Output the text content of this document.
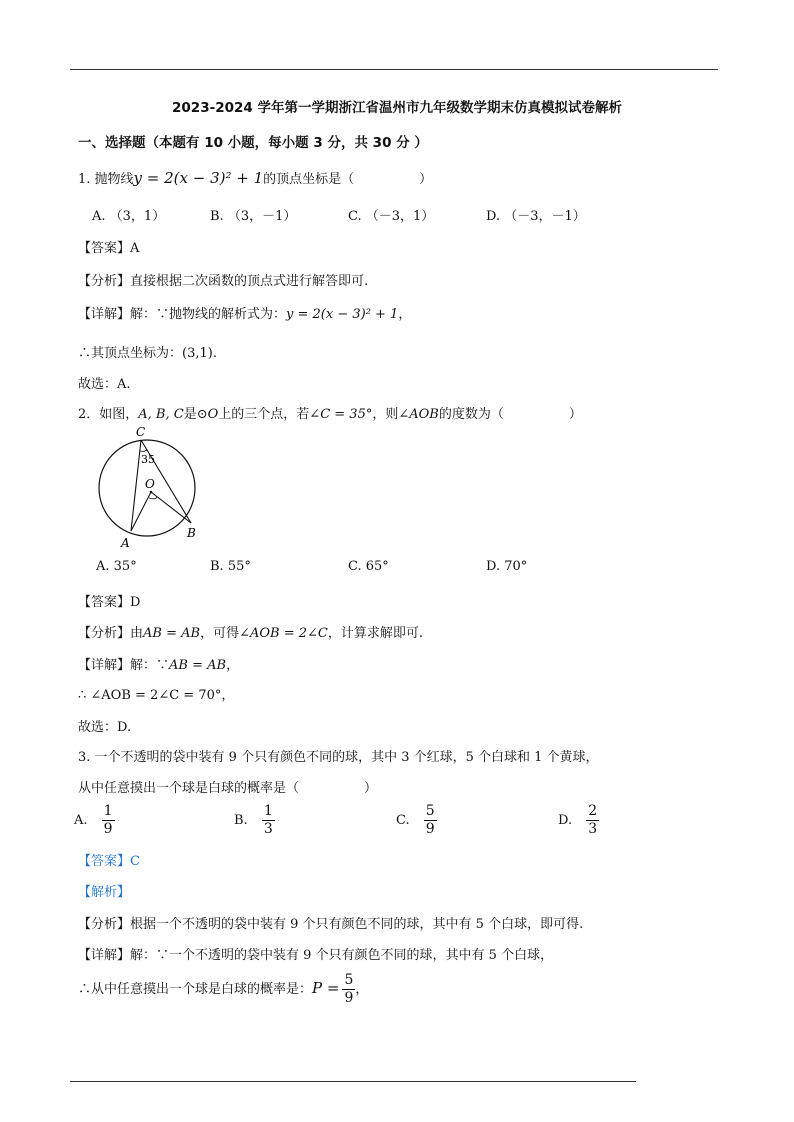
2023-2024 学年第一学期浙江省温州市九年级数学期末仿真模拟试卷解析
一、选择题（本题有 10 小题，每小题 3 分，共 30 分 ）
1. 抛物线y = 2(x − 3)² + 1的顶点坐标是（　　　　　）
A. （3，1）	B. （3，－1）	C. （－3，1）	D. （－3，－1）
【答案】A
【分析】直接根据二次函数的顶点式进行解答即可.
【详解】解：∵抛物线的解析式为：y = 2(x − 3)² + 1，
∴其顶点坐标为：(3,1).
故选：A.
2．如图，A, B, C是⊙O上的三个点，若∠C = 35°，则∠AOB的度数为（　　　　　）
C
35
O
A
B
A. 35°	B. 55°	C. 65°	D. 70°
【答案】D
【分析】由AB = AB，可得∠AOB = 2∠C，计算求解即可.
【详解】解：∵AB = AB，
∴ ∠AOB = 2∠C = 70°，
故选：D.
3. 一个不透明的袋中装有 9 个只有颜色不同的球，其中 3 个红球，5 个白球和 1 个黄球，
从中任意摸出一个球是白球的概率是（　　　　　）
A. $\frac{1}{9}$	B. $\frac{1}{3}$	C. $\frac{5}{9}$	D. $\frac{2}{3}$
【答案】C
【解析】
【分析】根据一个不透明的袋中装有 9 个只有颜色不同的球，其中有 5 个白球，即可得.
【详解】解：∵一个不透明的袋中装有 9 个只有颜色不同的球，其中有 5 个白球，
∴从中任意摸出一个球是白球的概率是：$P = \frac{5}{9}$ ，
